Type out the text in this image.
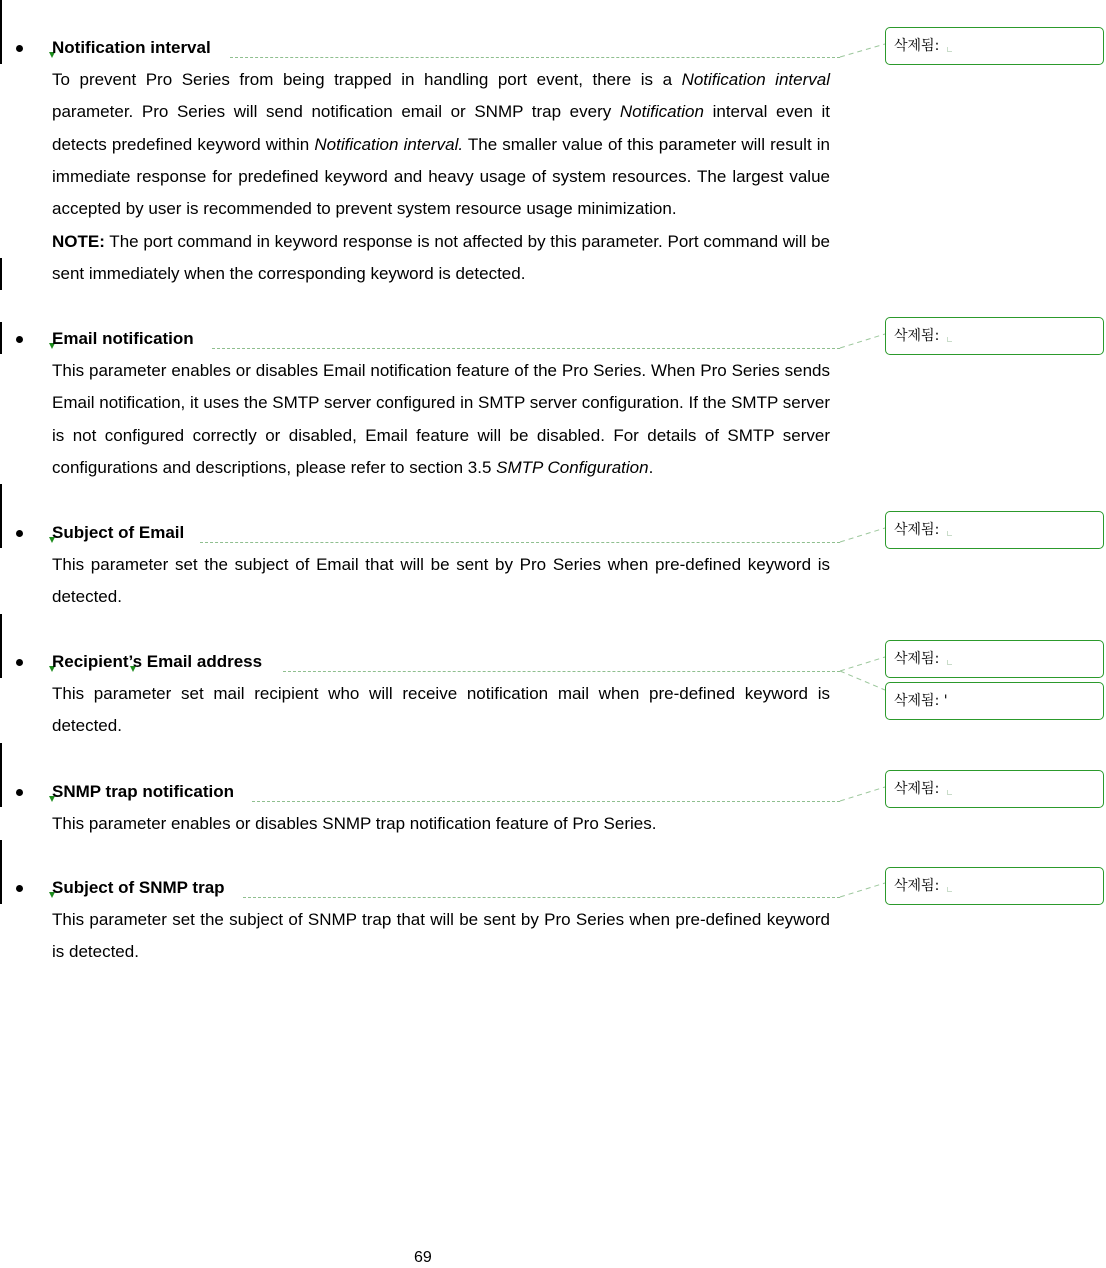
Notification interval
To prevent Pro Series from being trapped in handling port event, there is a Notification interval parameter. Pro Series will send notification email or SNMP trap every Notification interval even it detects predefined keyword within Notification interval. The smaller value of this parameter will result in immediate response for predefined keyword and heavy usage of system resources. The largest value accepted by user is recommended to prevent system resource usage minimization.
NOTE: The port command in keyword response is not affected by this parameter. Port command will be sent immediately when the corresponding keyword is detected.
Email notification
This parameter enables or disables Email notification feature of the Pro Series. When Pro Series sends Email notification, it uses the SMTP server configured in SMTP server configuration. If the SMTP server is not configured correctly or disabled, Email feature will be disabled. For details of SMTP server configurations and descriptions, please refer to section 3.5 SMTP Configuration.
Subject of Email
This parameter set the subject of Email that will be sent by Pro Series when pre-defined keyword is detected.
Recipient’s Email address
This parameter set mail recipient who will receive notification mail when pre-defined keyword is detected.
SNMP trap notification
This parameter enables or disables SNMP trap notification feature of Pro Series.
Subject of SNMP trap
This parameter set the subject of SNMP trap that will be sent by Pro Series when pre-defined keyword is detected.
삭제됨:
삭제됨:
삭제됨:
삭제됨:
삭제됨: '
삭제됨:
삭제됨:
69
